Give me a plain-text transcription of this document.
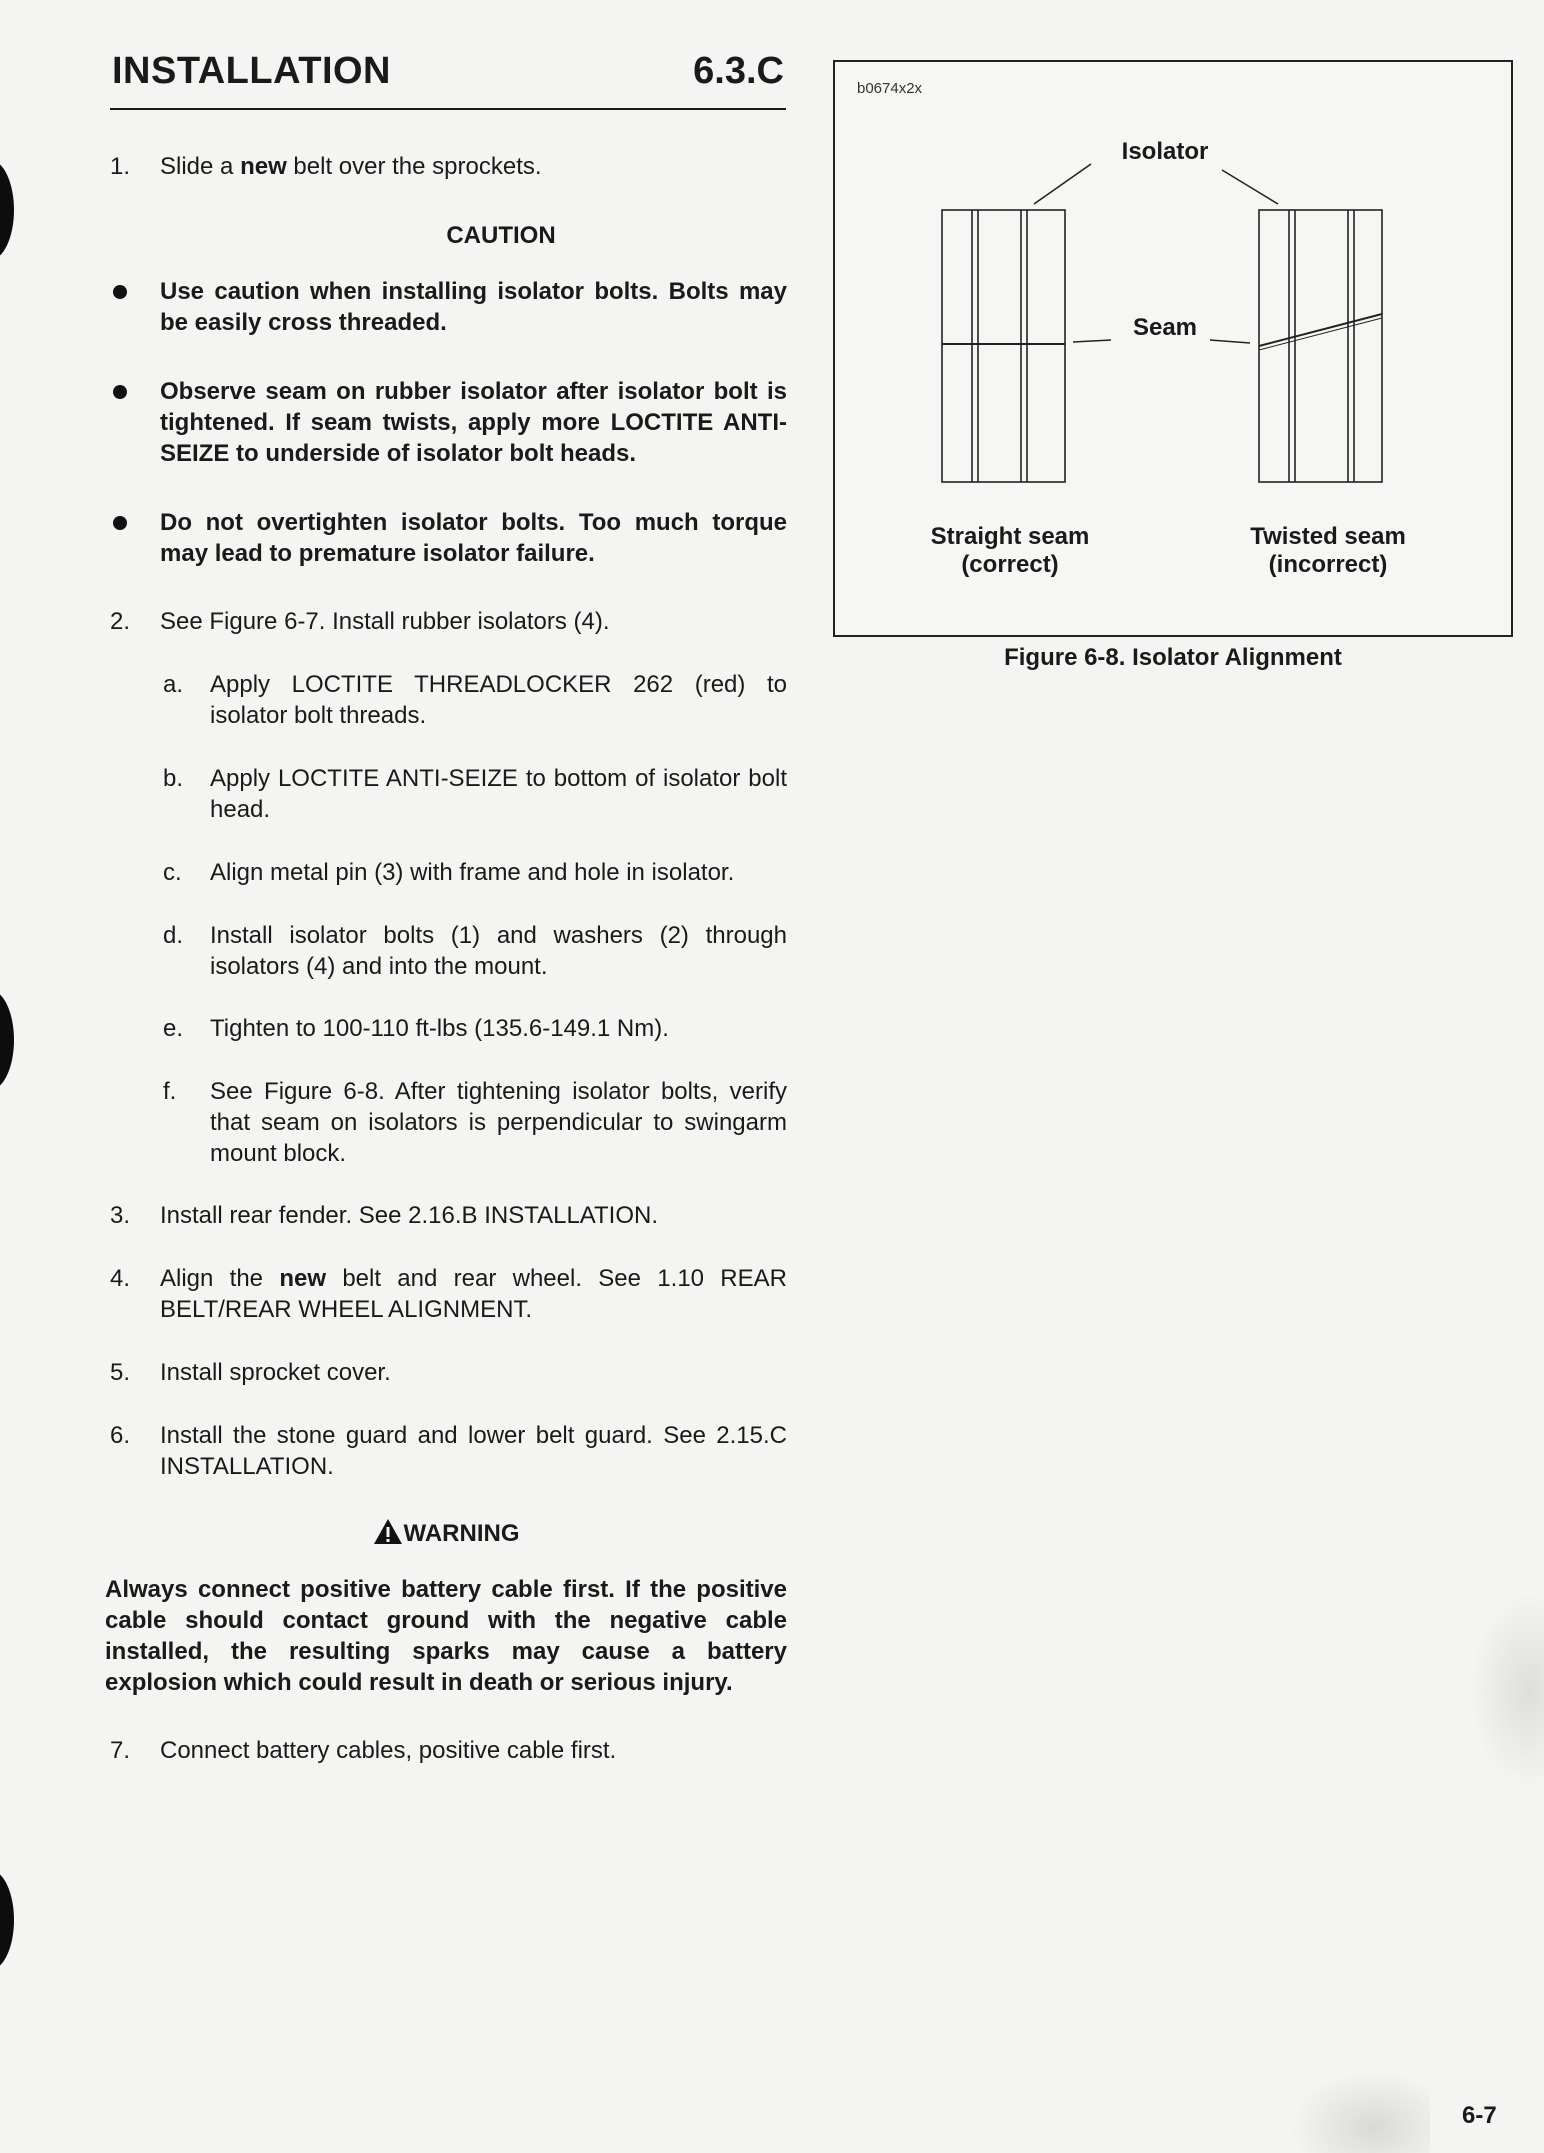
INSTALLATION	6.3.C
1. Slide a new belt over the sprockets.
CAUTION
Use caution when installing isolator bolts. Bolts may be easily cross threaded.
Observe seam on rubber isolator after isolator bolt is tightened. If seam twists, apply more LOCTITE ANTI-SEIZE to underside of isolator bolt heads.
Do not overtighten isolator bolts. Too much torque may lead to premature isolator failure.
2. See Figure 6-7. Install rubber isolators (4).
a. Apply LOCTITE THREADLOCKER 262 (red) to isolator bolt threads.
b. Apply LOCTITE ANTI-SEIZE to bottom of isolator bolt head.
c. Align metal pin (3) with frame and hole in isolator.
d. Install isolator bolts (1) and washers (2) through isolators (4) and into the mount.
e. Tighten to 100-110 ft-lbs (135.6-149.1 Nm).
f. See Figure 6-8. After tightening isolator bolts, verify that seam on isolators is perpendicular to swingarm mount block.
3. Install rear fender. See 2.16.B INSTALLATION.
4. Align the new belt and rear wheel. See 1.10 REAR BELT/REAR WHEEL ALIGNMENT.
5. Install sprocket cover.
6. Install the stone guard and lower belt guard. See 2.15.C INSTALLATION.
WARNING
Always connect positive battery cable first. If the positive cable should contact ground with the negative cable installed, the resulting sparks may cause a battery explosion which could result in death or serious injury.
7. Connect battery cables, positive cable first.
b0674x2x
Isolator
Seam
Straight seam
(correct)
Twisted seam
(incorrect)
Figure 6-8. Isolator Alignment
6-7
